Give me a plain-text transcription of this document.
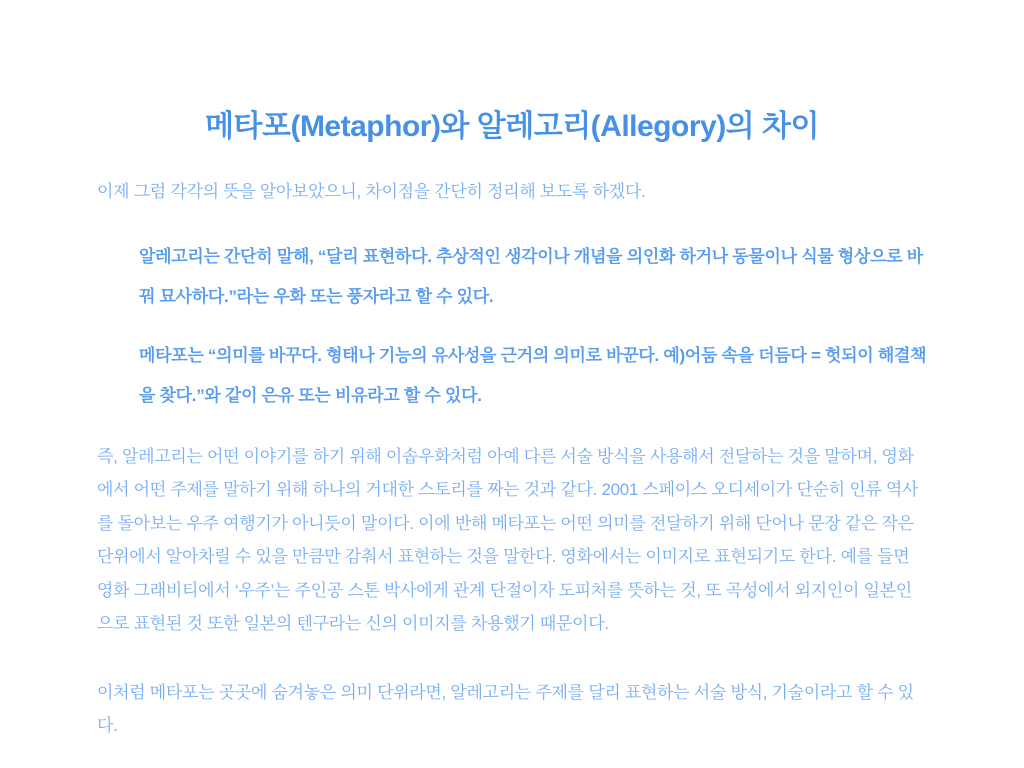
메타포(Metaphor)와 알레고리(Allegory)의 차이

이제 그럼 각각의 뜻을 알아보았으니, 차이점을 간단히 정리해 보도록 하겠다.

알레고리는 간단히 말해, “달리 표현하다. 추상적인 생각이나 개념을 의인화 하거나 동물이나 식물 형상으로 바꿔 묘사하다.”라는 우화 또는 풍자라고 할 수 있다.

메타포는 “의미를 바꾸다. 형태나 기능의 유사성을 근거의 의미로 바꾼다. 예)어둠 속을 더듬다 = 헛되이 해결책을 찾다.”와 같이 은유 또는 비유라고 할 수 있다.

즉, 알레고리는 어떤 이야기를 하기 위해 이솝우화처럼 아예 다른 서술 방식을 사용해서 전달하는 것을 말하며, 영화에서 어떤 주제를 말하기 위해 하나의 거대한 스토리를 짜는 것과 같다. 2001 스페이스 오디세이가 단순히 인류 역사를 돌아보는 우주 여행기가 아니듯이 말이다. 이에 반해 메타포는 어떤 의미를 전달하기 위해 단어나 문장 같은 작은 단위에서 알아차릴 수 있을 만큼만 감춰서 표현하는 것을 말한다. 영화에서는 이미지로 표현되기도 한다. 예를 들면 영화 그래비티에서 ‘우주’는 주인공 스톤 박사에게 관계 단절이자 도피처를 뜻하는 것, 또 곡성에서 외지인이 일본인으로 표현된 것 또한 일본의 텐구라는 신의 이미지를 차용했기 때문이다.

이처럼 메타포는 곳곳에 숨겨놓은 의미 단위라면, 알레고리는 주제를 달리 표현하는 서술 방식, 기술이라고 할 수 있다.
